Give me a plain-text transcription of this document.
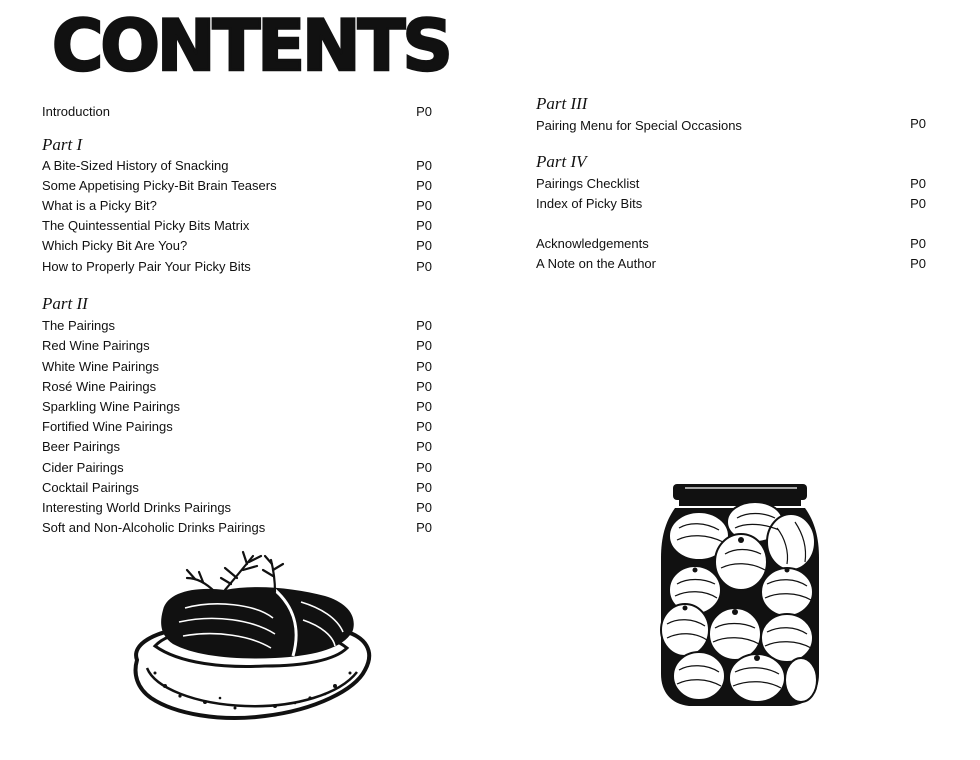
CONTENTS
Introduction	P0
Part I
A Bite-Sized History of Snacking	P0
Some Appetising Picky-Bit Brain Teasers	P0
What is a Picky Bit?	P0
The Quintessential Picky Bits Matrix	P0
Which Picky Bit Are You?	P0
How to Properly Pair Your Picky Bits	P0
Part II
The Pairings	P0
Red Wine Pairings	P0
White Wine Pairings	P0
Rosé Wine Pairings	P0
Sparkling Wine Pairings	P0
Fortified Wine Pairings	P0
Beer Pairings	P0
Cider Pairings	P0
Cocktail Pairings	P0
Interesting World Drinks Pairings	P0
Soft and Non-Alcoholic Drinks Pairings	P0
Part III
Pairing Menu for Special Occasions	P0
Part IV
Pairings Checklist	P0
Index of Picky Bits	P0
Acknowledgements	P0
A Note on the Author	P0
